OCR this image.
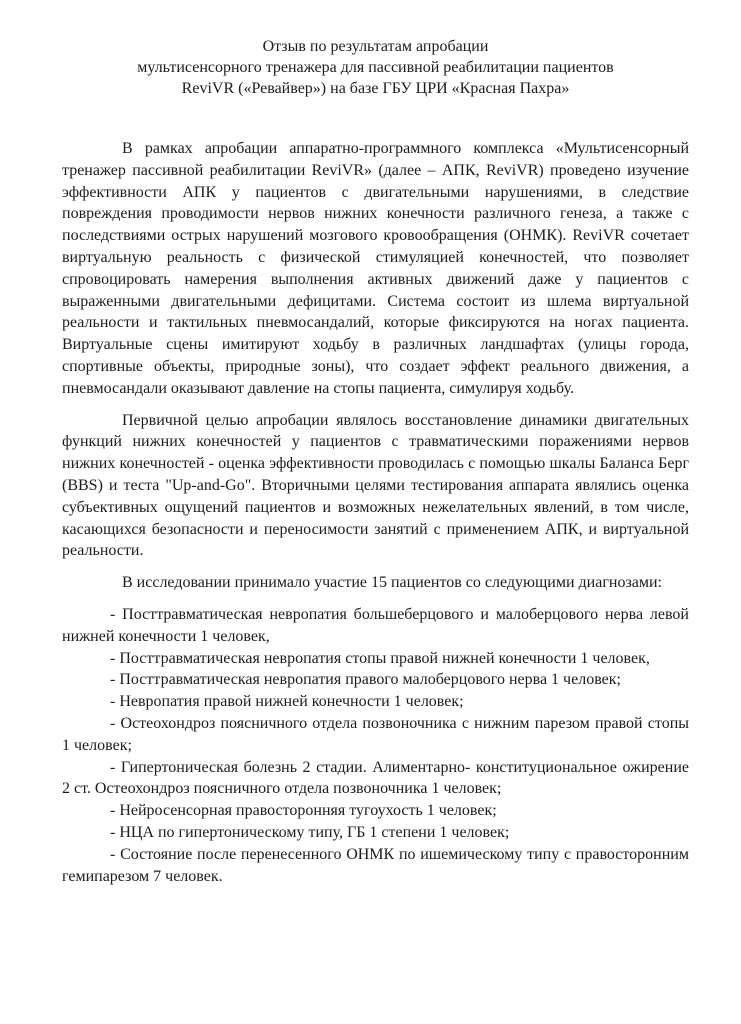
Отзыв по результатам апробации
мультисенсорного тренажера для пассивной реабилитации пациентов
ReviVR («Ревайвер») на базе ГБУ ЦРИ «Красная Пахра»

В рамках апробации аппаратно-программного комплекса «Мультисенсорный тренажер пассивной реабилитации ReviVR» (далее – АПК, ReviVR) проведено изучение эффективности АПК у пациентов с двигательными нарушениями, в следствие повреждения проводимости нервов нижних конечности различного генеза, а также с последствиями острых нарушений мозгового кровообращения (ОНМК). ReviVR сочетает виртуальную реальность с физической стимуляцией конечностей, что позволяет спровоцировать намерения выполнения активных движений даже у пациентов с выраженными двигательными дефицитами. Система состоит из шлема виртуальной реальности и тактильных пневмосандалий, которые фиксируются на ногах пациента. Виртуальные сцены имитируют ходьбу в различных ландшафтах (улицы города, спортивные объекты, природные зоны), что создает эффект реального движения, а пневмосандали оказывают давление на стопы пациента, симулируя ходьбу.

Первичной целью апробации являлось восстановление динамики двигательных функций нижних конечностей у пациентов с травматическими поражениями нервов нижних конечностей - оценка эффективности проводилась с помощью шкалы Баланса Берг (BBS) и теста "Up-and-Go". Вторичными целями тестирования аппарата являлись оценка субъективных ощущений пациентов и возможных нежелательных явлений, в том числе, касающихся безопасности и переносимости занятий с применением АПК, и виртуальной реальности.

В исследовании принимало участие 15 пациентов со следующими диагнозами:

- Посттравматическая невропатия большеберцового и малоберцового нерва левой нижней конечности 1 человек,

- Посттравматическая невропатия стопы правой нижней конечности 1 человек,

- Посттравматическая невропатия правого малоберцового нерва 1 человек;

- Невропатия правой нижней конечности 1 человек;

- Остеохондроз поясничного отдела позвоночника с нижним парезом правой стопы 1 человек;

- Гипертоническая болезнь 2 стадии. Алиментарно- конституциональное ожирение 2 ст. Остеохондроз поясничного отдела позвоночника 1 человек;

- Нейросенсорная правосторонняя тугоухость 1 человек;

- НЦА по гипертоническому типу, ГБ 1 степени 1 человек;

- Состояние после перенесенного ОНМК по ишемическому типу с правосторонним гемипарезом 7 человек.
